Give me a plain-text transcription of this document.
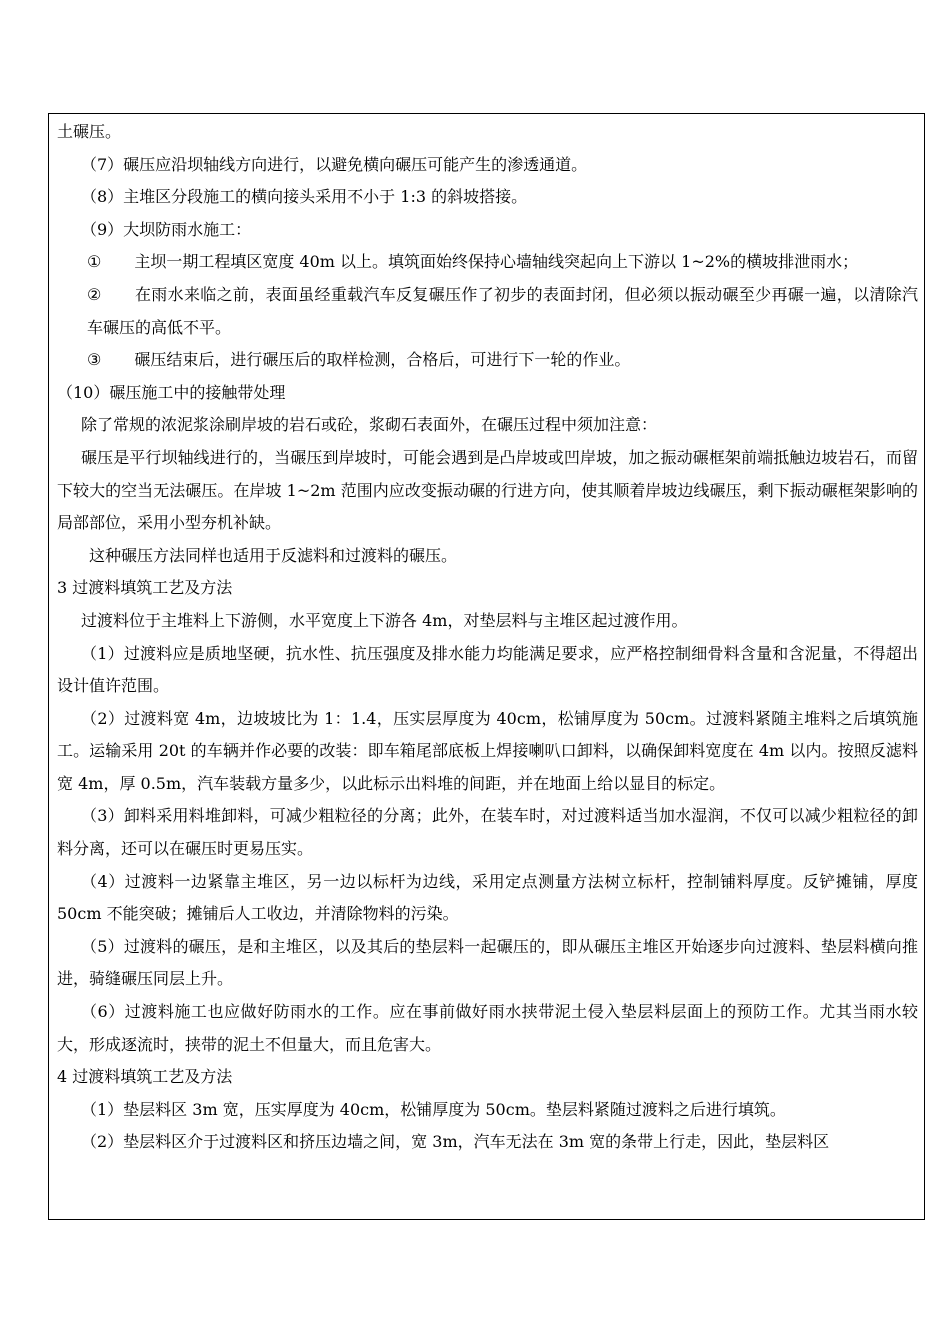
土碾压。

（7）碾压应沿坝轴线方向进行，以避免横向碾压可能产生的渗透通道。

（8）主堆区分段施工的横向接头采用不小于 1:3 的斜坡搭接。

（9）大坝防雨水施工：

① 主坝一期工程填区宽度 40m 以上。填筑面始终保持心墙轴线突起向上下游以 1~2%的横坡排泄雨水；

② 在雨水来临之前，表面虽经重载汽车反复碾压作了初步的表面封闭，但必须以振动碾至少再碾一遍，以清除汽车碾压的高低不平。

③ 碾压结束后，进行碾压后的取样检测，合格后，可进行下一轮的作业。

（10）碾压施工中的接触带处理

除了常规的浓泥浆涂刷岸坡的岩石或砼，浆砌石表面外，在碾压过程中须加注意：

碾压是平行坝轴线进行的，当碾压到岸坡时，可能会遇到是凸岸坡或凹岸坡，加之振动碾框架前端抵触边坡岩石，而留下较大的空当无法碾压。在岸坡 1~2m 范围内应改变振动碾的行进方向，使其顺着岸坡边线碾压，剩下振动碾框架影响的局部部位，采用小型夯机补缺。

这种碾压方法同样也适用于反滤料和过渡料的碾压。

3 过渡料填筑工艺及方法

过渡料位于主堆料上下游侧，水平宽度上下游各 4m，对垫层料与主堆区起过渡作用。

（1）过渡料应是质地坚硬，抗水性、抗压强度及排水能力均能满足要求，应严格控制细骨料含量和含泥量，不得超出设计值许范围。

（2）过渡料宽 4m，边坡坡比为 1：1.4，压实层厚度为 40cm，松铺厚度为 50cm。过渡料紧随主堆料之后填筑施工。运输采用 20t 的车辆并作必要的改装：即车箱尾部底板上焊接喇叭口卸料，以确保卸料宽度在 4m 以内。按照反滤料宽 4m，厚 0.5m，汽车装载方量多少，以此标示出料堆的间距，并在地面上给以显目的标定。

（3）卸料采用料堆卸料，可减少粗粒径的分离；此外，在装车时，对过渡料适当加水湿润，不仅可以减少粗粒径的卸料分离，还可以在碾压时更易压实。

（4）过渡料一边紧靠主堆区，另一边以标杆为边线，采用定点测量方法树立标杆，控制铺料厚度。反铲摊铺，厚度 50cm 不能突破；摊铺后人工收边，并清除物料的污染。

（5）过渡料的碾压，是和主堆区，以及其后的垫层料一起碾压的，即从碾压主堆区开始逐步向过渡料、垫层料横向推进，骑缝碾压同层上升。

（6）过渡料施工也应做好防雨水的工作。应在事前做好雨水挟带泥土侵入垫层料层面上的预防工作。尤其当雨水较大，形成逐流时，挟带的泥土不但量大，而且危害大。

4 过渡料填筑工艺及方法

（1）垫层料区 3m 宽，压实厚度为 40cm，松铺厚度为 50cm。垫层料紧随过渡料之后进行填筑。

（2）垫层料区介于过渡料区和挤压边墙之间，宽 3m，汽车无法在 3m 宽的条带上行走，因此，垫层料区
